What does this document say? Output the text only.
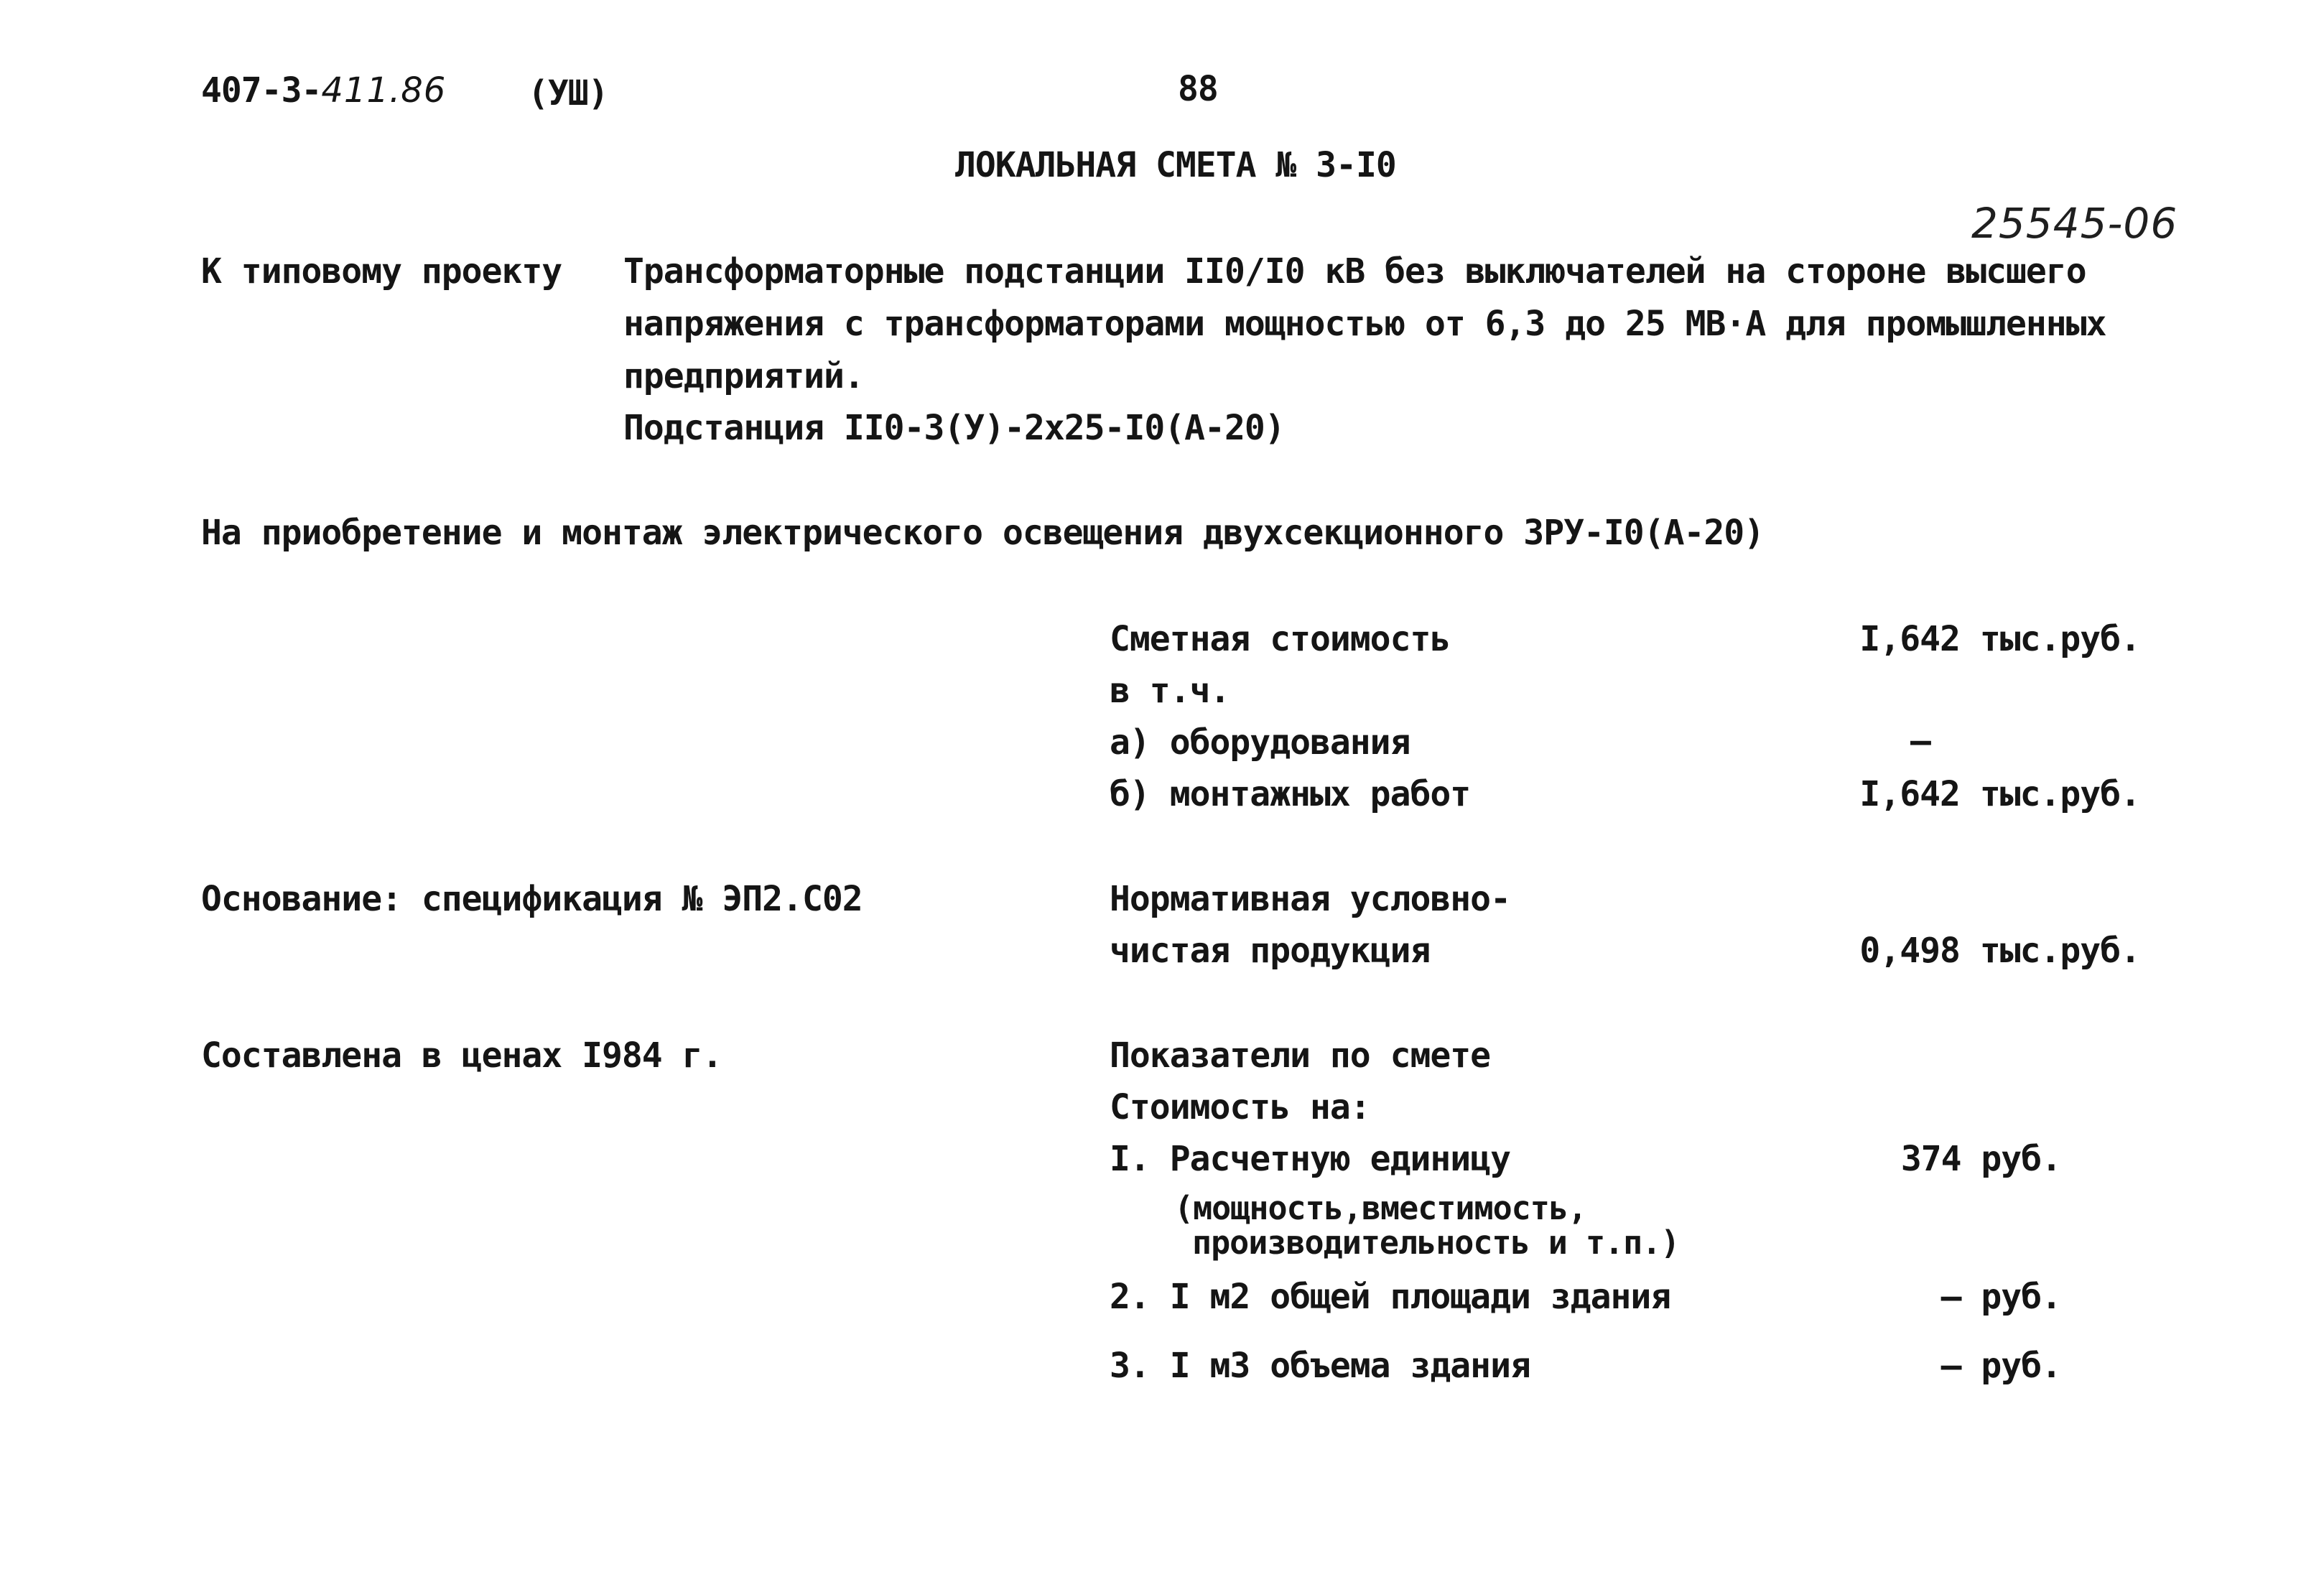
407-3-411.86 (УШ)	88
ЛОКАЛЬНАЯ СМЕТА № 3-I0
25545-06
К типовому проекту Трансформаторные подстанции II0/I0 кВ без выключателей на стороне высшего
напряжения с трансформаторами мощностью от 6,3 до 25 МВ·А для промышленных
предприятий.
Подстанция II0-3(У)-2х25-I0(А-20)
На приобретение и монтаж электрического освещения двухсекционного ЗРУ-I0(А-20)
Сметная стоимость	I,642 тыс.руб.
в т.ч.
а) оборудования	–
б) монтажных работ	I,642 тыс.руб.
Основание: спецификация № ЭП2.С02	Нормативная условно-
чистая продукция	0,498 тыс.руб.
Составлена в ценах I984 г.	Показатели по смете
Стоимость на:
I. Расчетную единицу	374 руб.
(мощность,вместимость,
производительность и т.п.)
2. I м2 общей площади здания	– руб.
3. I м3 объема здания	– руб.
